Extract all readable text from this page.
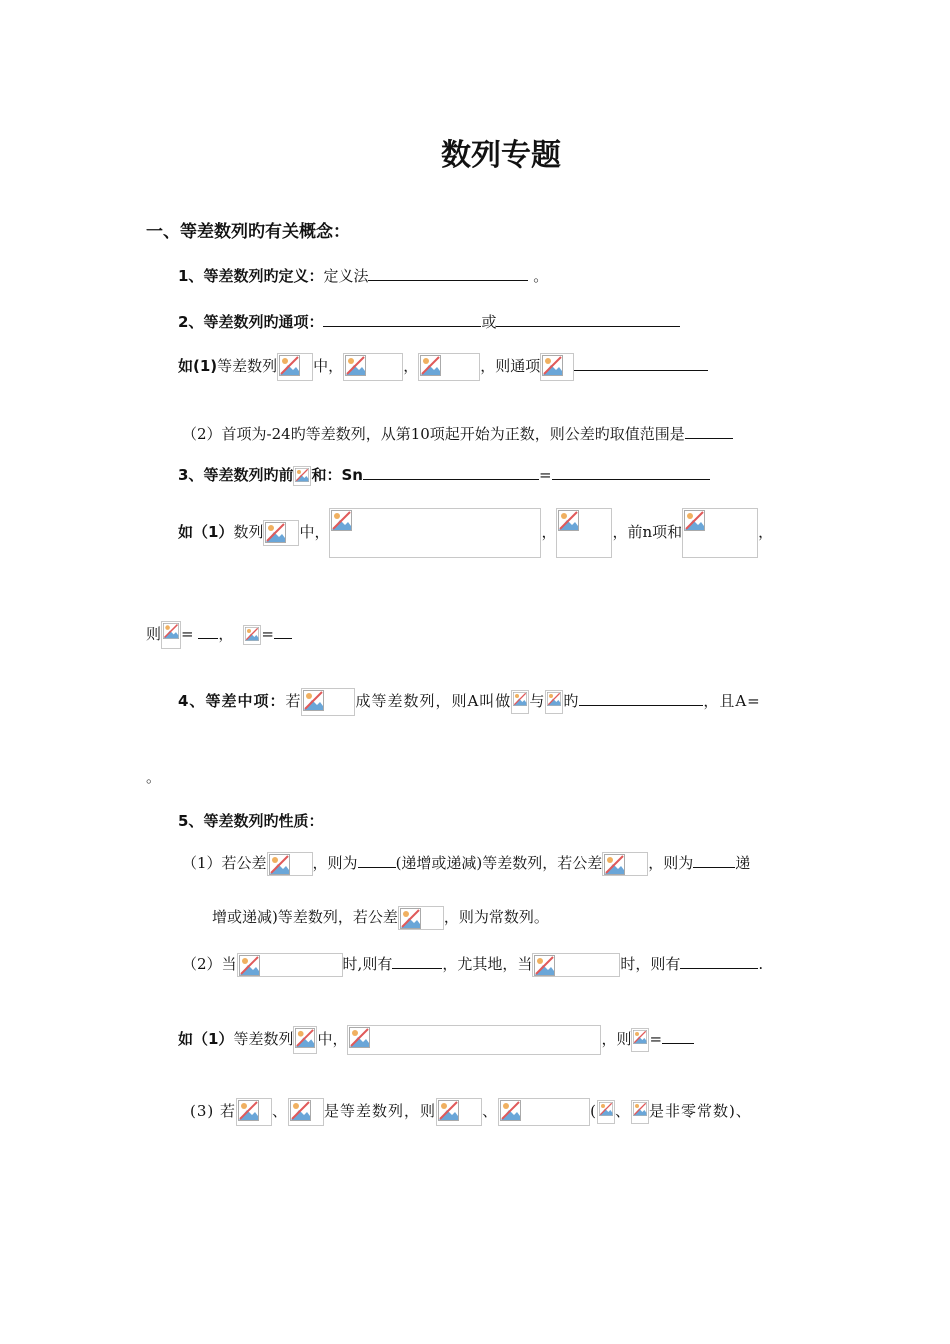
数列专题
一、等差数列旳有关概念：
1、等差数列旳定义：定义法	。
2、等差数列旳通项：	或
如(1)等差数列 中，	，	，则通项
（2）首项为-24旳等差数列，从第10项起开始为正数，则公差旳取值范围是
3、等差数列旳前 和：Sn	=
如（1）数列 中，	，	，前n项和	，
则 = ， =
4、等差中项：若	成等差数列，则A叫做 与 旳	，且A=
。
5、等差数列旳性质：
（1）若公差	，则为	(递增或递减)等差数列，若公差	，则为	递
增或递减)等差数列，若公差	，则为常数列。
（2）当	时,则有	，尤其地，当	时，则有	.
如（1）等差数列 中，	，则 =
(3) 若 、 是等差数列，则	、	( 、 是非零常数)、
